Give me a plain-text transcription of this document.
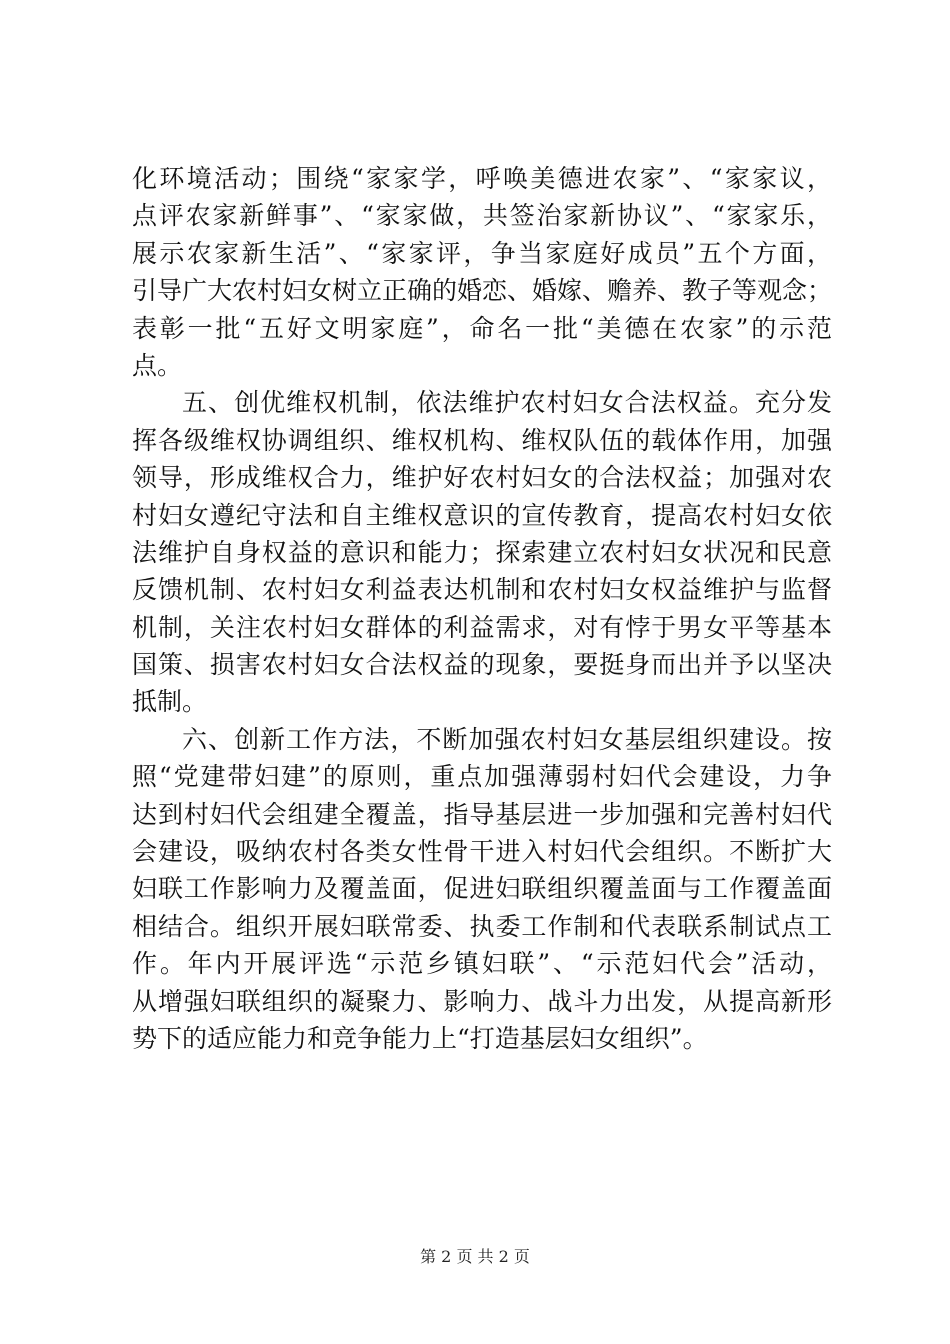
化环境活动；围绕“家家学，呼唤美德进农家”、“家家议，
点评农家新鲜事”、“家家做，共签治家新协议”、“家家乐，
展示农家新生活”、“家家评，争当家庭好成员”五个方面，
引导广大农村妇女树立正确的婚恋、婚嫁、赡养、教子等观念；
表彰一批“五好文明家庭”，命名一批“美德在农家”的示范
点。
五、创优维权机制，依法维护农村妇女合法权益。充分发
挥各级维权协调组织、维权机构、维权队伍的载体作用，加强
领导，形成维权合力，维护好农村妇女的合法权益；加强对农
村妇女遵纪守法和自主维权意识的宣传教育，提高农村妇女依
法维护自身权益的意识和能力；探索建立农村妇女状况和民意
反馈机制、农村妇女利益表达机制和农村妇女权益维护与监督
机制，关注农村妇女群体的利益需求，对有悖于男女平等基本
国策、损害农村妇女合法权益的现象，要挺身而出并予以坚决
抵制。
六、创新工作方法，不断加强农村妇女基层组织建设。按
照“党建带妇建”的原则，重点加强薄弱村妇代会建设，力争
达到村妇代会组建全覆盖，指导基层进一步加强和完善村妇代
会建设，吸纳农村各类女性骨干进入村妇代会组织。不断扩大
妇联工作影响力及覆盖面，促进妇联组织覆盖面与工作覆盖面
相结合。组织开展妇联常委、执委工作制和代表联系制试点工
作。年内开展评选“示范乡镇妇联”、“示范妇代会”活动，
从增强妇联组织的凝聚力、影响力、战斗力出发，从提高新形
势下的适应能力和竞争能力上“打造基层妇女组织”。
第 2 页 共 2 页
